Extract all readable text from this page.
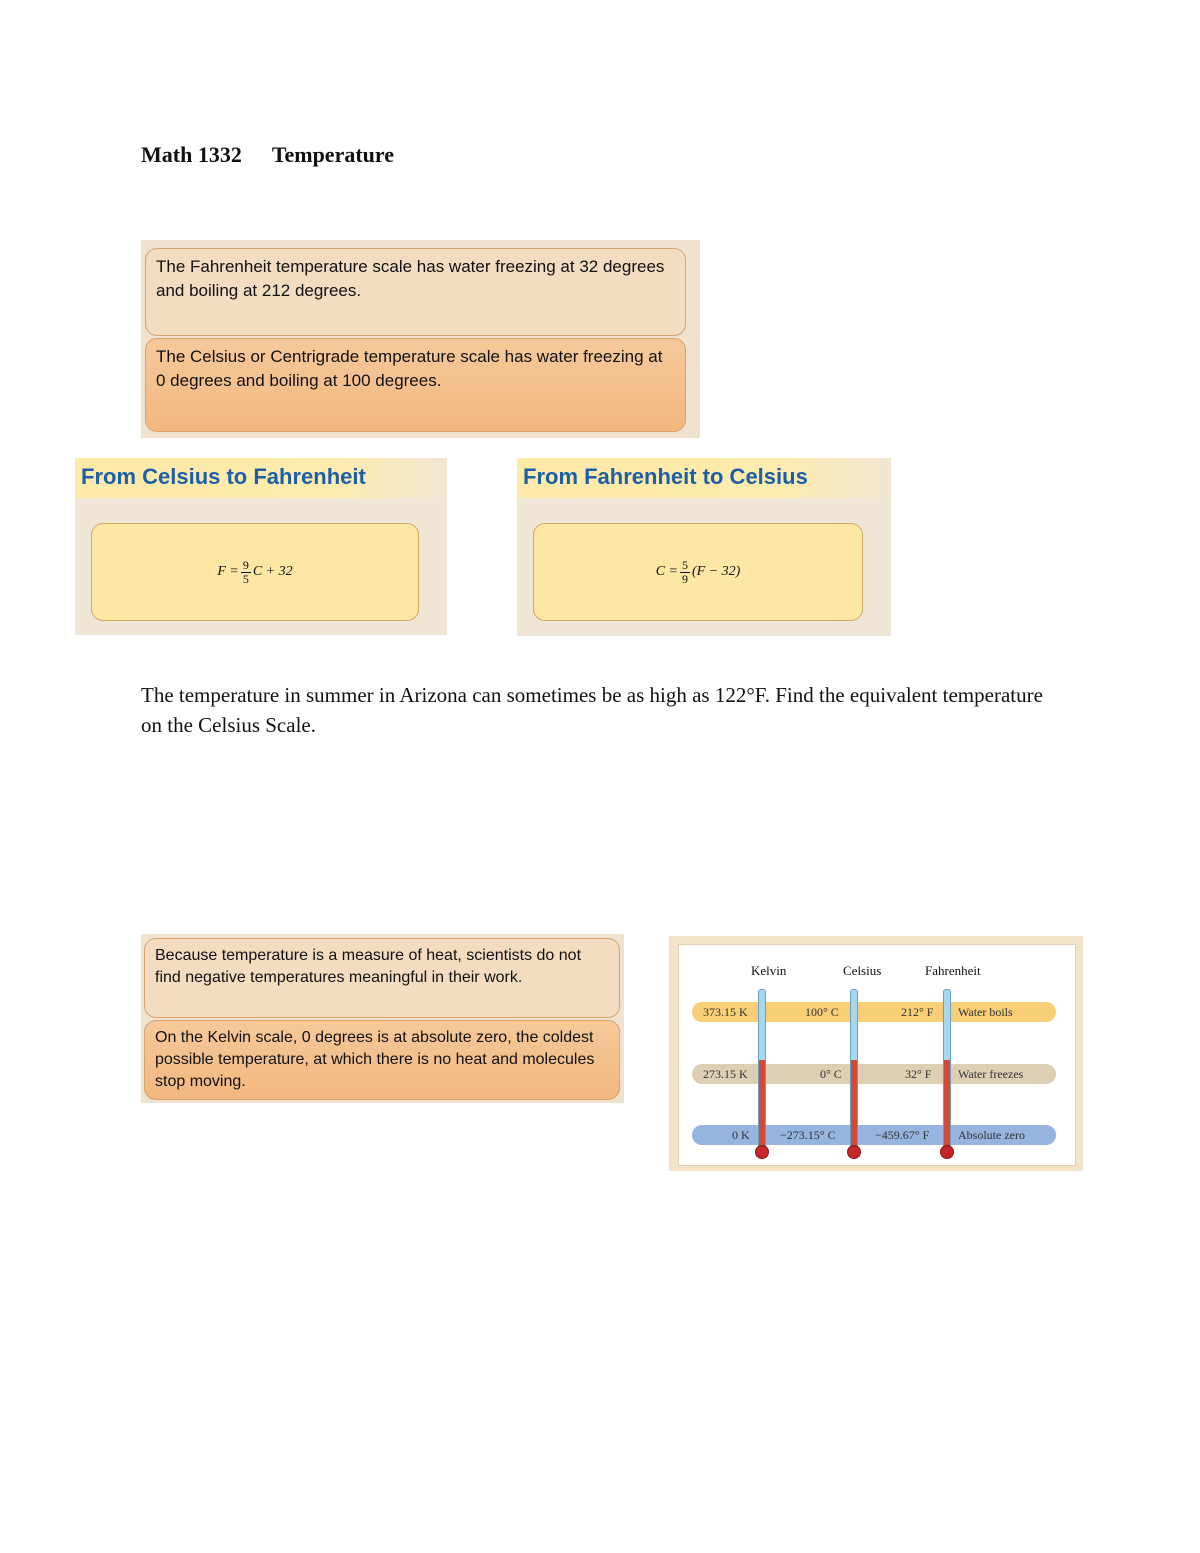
Math 1332 Temperature
The Fahrenheit temperature scale has water freezing at 32 degrees and boiling at 212 degrees.
The Celsius or Centrigrade temperature scale has water freezing at 0 degrees and boiling at 100 degrees.
From Celsius to Fahrenheit
$F = \frac{9}{5}$ C + 32
From Fahrenheit to Celsius
$C = \frac{5}{9} (F - 32)$
The temperature in summer in Arizona can sometimes be as high as 122°F. Find the equivalent temperature on the Celsius Scale.
Because temperature is a measure of heat, scientists do not find negative temperatures meaningful in their work.
On the Kelvin scale, 0 degrees is at absolute zero, the coldest possible temperature, at which there is no heat and molecules stop moving.
Kelvin	Celsius	Fahrenheit
373.15 K	100° C	212° F Water boils
273.15 K	0° C	32° F Water freezes
0 K	−273.15° C	−459.67° F Absolute zero
